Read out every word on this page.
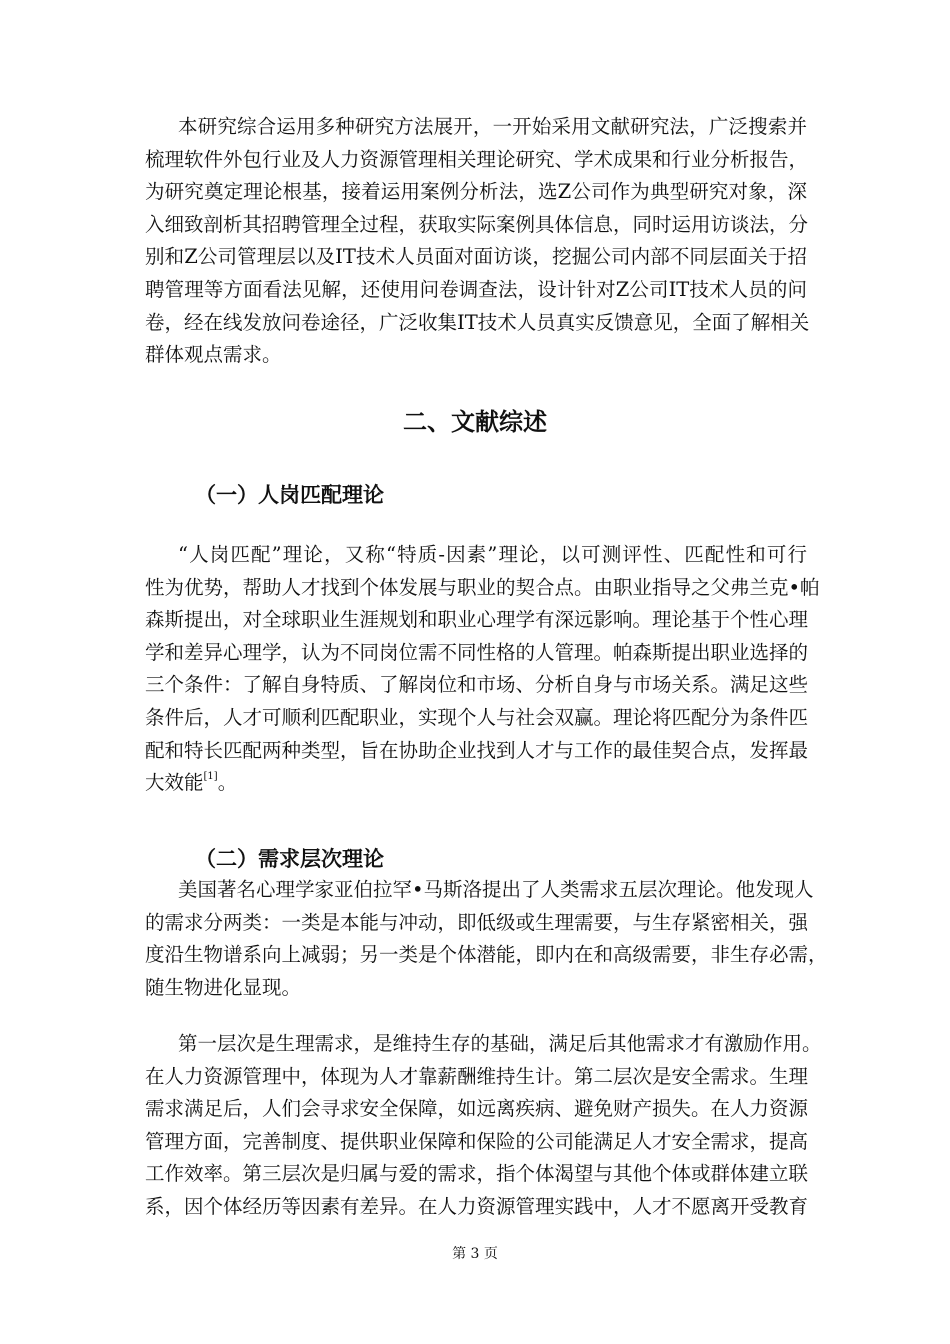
本研究综合运用多种研究方法展开，一开始采用文献研究法，广泛搜索并
梳理软件外包行业及人力资源管理相关理论研究、学术成果和行业分析报告，
为研究奠定理论根基，接着运用案例分析法，选Z公司作为典型研究对象，深
入细致剖析其招聘管理全过程，获取实际案例具体信息，同时运用访谈法，分
别和Z公司管理层以及IT技术人员面对面访谈，挖掘公司内部不同层面关于招
聘管理等方面看法见解，还使用问卷调查法，设计针对Z公司IT技术人员的问
卷，经在线发放问卷途径，广泛收集IT技术人员真实反馈意见，全面了解相关
群体观点需求。
二、文献综述
（一）人岗匹配理论
“人岗匹配”理论，又称“特质-因素”理论，以可测评性、匹配性和可行
性为优势，帮助人才找到个体发展与职业的契合点。由职业指导之父弗兰克•帕
森斯提出，对全球职业生涯规划和职业心理学有深远影响。理论基于个性心理
学和差异心理学，认为不同岗位需不同性格的人管理。帕森斯提出职业选择的
三个条件：了解自身特质、了解岗位和市场、分析自身与市场关系。满足这些
条件后，人才可顺利匹配职业，实现个人与社会双赢。理论将匹配分为条件匹
配和特长匹配两种类型，旨在协助企业找到人才与工作的最佳契合点，发挥最
大效能[1]。
（二）需求层次理论
美国著名心理学家亚伯拉罕•马斯洛提出了人类需求五层次理论。他发现人
的需求分两类：一类是本能与冲动，即低级或生理需要，与生存紧密相关，强
度沿生物谱系向上减弱；另一类是个体潜能，即内在和高级需要，非生存必需，
随生物进化显现。
第一层次是生理需求，是维持生存的基础，满足后其他需求才有激励作用。
在人力资源管理中，体现为人才靠薪酬维持生计。第二层次是安全需求。生理
需求满足后，人们会寻求安全保障，如远离疾病、避免财产损失。在人力资源
管理方面，完善制度、提供职业保障和保险的公司能满足人才安全需求，提高
工作效率。第三层次是归属与爱的需求，指个体渴望与其他个体或群体建立联
系，因个体经历等因素有差异。在人力资源管理实践中，人才不愿离开受教育
第 3 页
